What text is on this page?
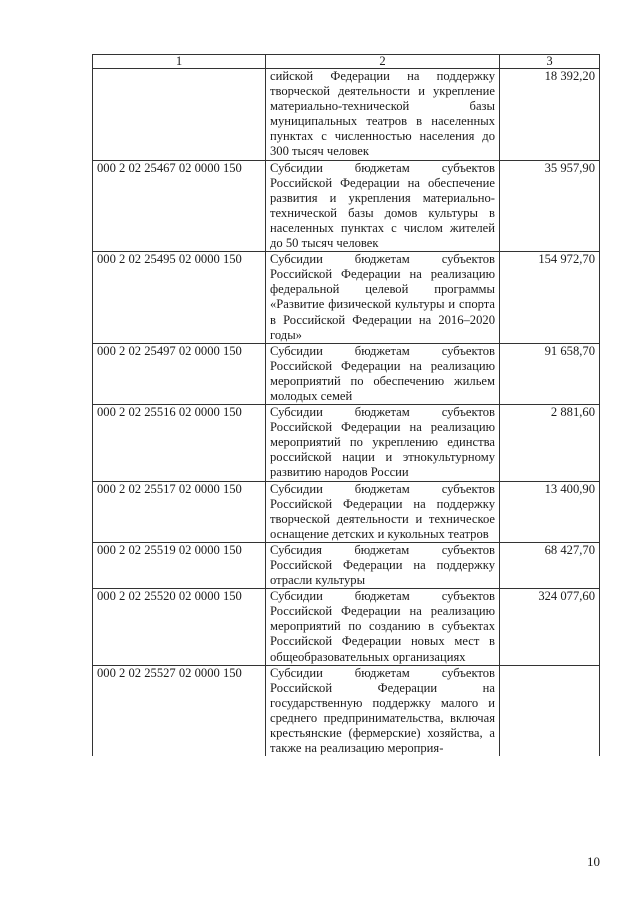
1	2	3
	сийской Федерации на поддержку творческой деятельности и укрепление материально-технической базы муниципальных театров в населенных пунктах с численностью населения до 300 тысяч человек	18 392,20
000 2 02 25467 02 0000 150	Субсидии бюджетам субъектов Российской Федерации на обеспечение развития и укрепления материально-технической базы домов культуры в населенных пунктах с числом жителей до 50 тысяч человек	35 957,90
000 2 02 25495 02 0000 150	Субсидии бюджетам субъектов Российской Федерации на реализацию федеральной целевой программы «Развитие физической культуры и спорта в Российской Федерации на 2016–2020 годы»	154 972,70
000 2 02 25497 02 0000 150	Субсидии бюджетам субъектов Российской Федерации на реализацию мероприятий по обеспечению жильем молодых семей	91 658,70
000 2 02 25516 02 0000 150	Субсидии бюджетам субъектов Российской Федерации на реализацию мероприятий по укреплению единства российской нации и этнокультурному развитию народов России	2 881,60
000 2 02 25517 02 0000 150	Субсидии бюджетам субъектов Российской Федерации на поддержку творческой деятельности и техническое оснащение детских и кукольных театров	13 400,90
000 2 02 25519 02 0000 150	Субсидия бюджетам субъектов Российской Федерации на поддержку отрасли культуры	68 427,70
000 2 02 25520 02 0000 150	Субсидии бюджетам субъектов Российской Федерации на реализацию мероприятий по созданию в субъектах Российской Федерации новых мест в общеобразовательных организациях	324 077,60
000 2 02 25527 02 0000 150	Субсидии бюджетам субъектов Российской Федерации на государственную поддержку малого и среднего предпринимательства, включая крестьянские (фермерские) хозяйства, а также на реализацию мероприя-	
10
